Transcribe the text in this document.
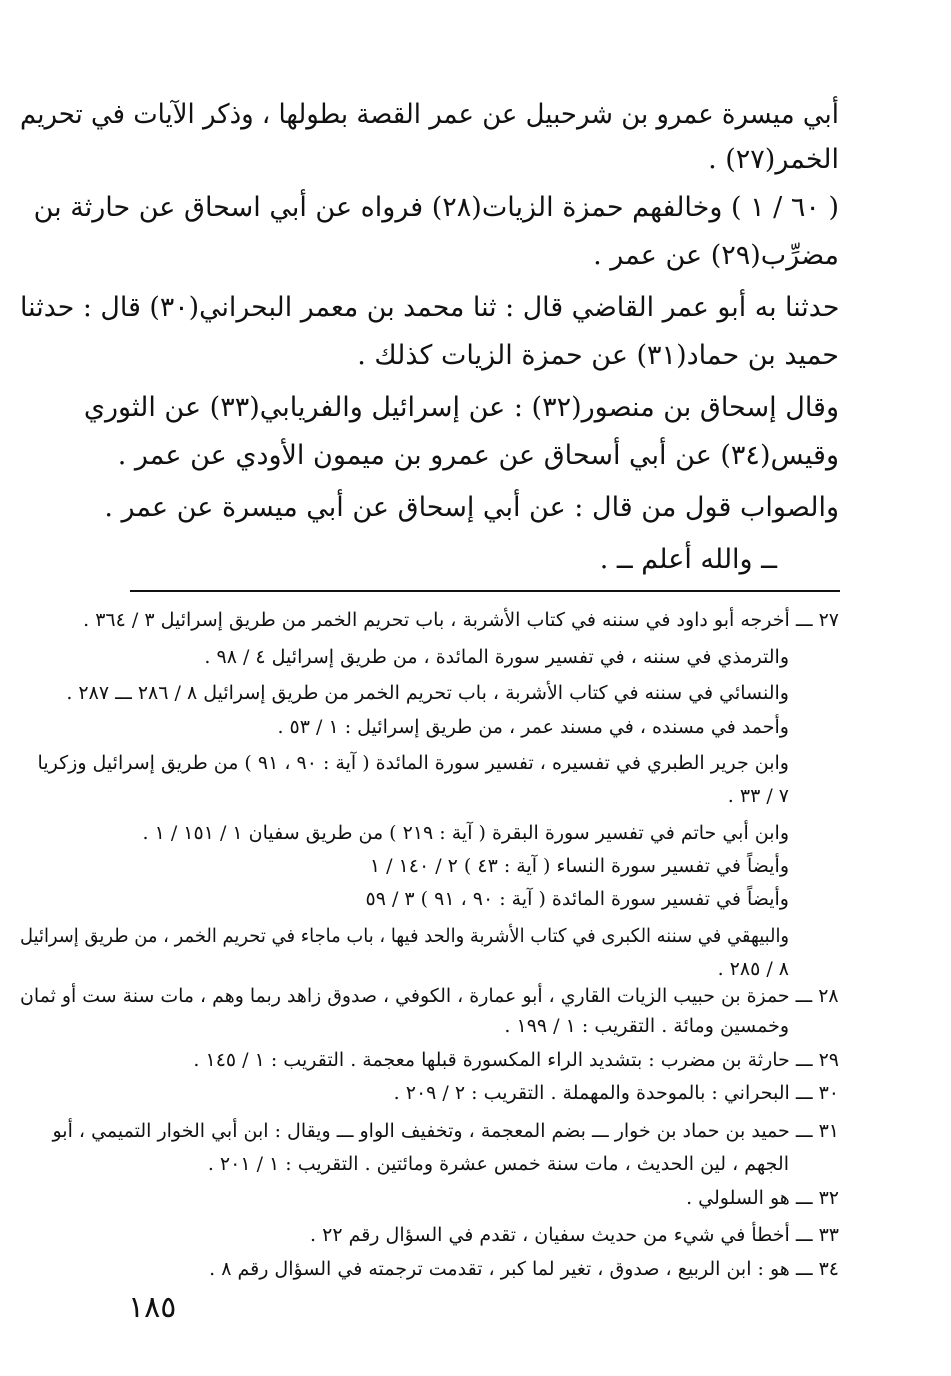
أبي ميسرة عمرو بن شرحبيل عن عمر القصة بطولها ، وذكر الآيات في تحريم
الخمر(٢٧) .
( ٦٠ / ١ ) وخالفهم حمزة الزيات(٢٨) فرواه عن أبي اسحاق عن حارثة بن
مضرِّب(٢٩) عن عمر .
حدثنا به أبو عمر القاضي قال : ثنا محمد بن معمر البحراني(٣٠) قال : حدثنا
حميد بن حماد(٣١) عن حمزة الزيات كذلك .
وقال إسحاق بن منصور(٣٢) : عن إسرائيل والفريابي(٣٣) عن الثوري
وقيس(٣٤) عن أبي أسحاق عن عمرو بن ميمون الأودي عن عمر .
والصواب قول من قال : عن أبي إسحاق عن أبي ميسرة عن عمر .
ــ والله أعلم ــ .
٢٧ ـــ أخرجه أبو داود في سننه في كتاب الأشربة ، باب تحريم الخمر من طريق إسرائيل ٣ / ٣٦٤ .
والترمذي في سننه ، في تفسير سورة المائدة ، من طريق إسرائيل ٤ / ٩٨ .
والنسائي في سننه في كتاب الأشربة ، باب تحريم الخمر من طريق إسرائيل ٨ / ٢٨٦ ـــ ٢٨٧ .
وأحمد في مسنده ، في مسند عمر ، من طريق إسرائيل : ١ / ٥٣ .
وابن جرير الطبري في تفسيره ، تفسير سورة المائدة ( آية : ٩٠ ، ٩١ ) من طريق إسرائيل وزكريا
٧ / ٣٣ .
وابن أبي حاتم في تفسير سورة البقرة ( آية : ٢١٩ ) من طريق سفيان ١ / ١٥١ / ١ .
وأيضاً في تفسير سورة النساء ( آية : ٤٣ ) ٢ / ١٤٠ / ١
وأيضاً في تفسير سورة المائدة ( آية : ٩٠ ، ٩١ ) ٣ / ٥٩
والبيهقي في سننه الكبرى في كتاب الأشربة والحد فيها ، باب ماجاء في تحريم الخمر ، من طريق إسرائيل
٨ / ٢٨٥ .
٢٨ ـــ حمزة بن حبيب الزيات القاري ، أبو عمارة ، الكوفي ، صدوق زاهد ربما وهم ، مات سنة ست أو ثمان
وخمسين ومائة . التقريب : ١ / ١٩٩ .
٢٩ ـــ حارثة بن مضرب : بتشديد الراء المكسورة قبلها معجمة . التقريب : ١ / ١٤٥ .
٣٠ ـــ البحراني : بالموحدة والمهملة . التقريب : ٢ / ٢٠٩ .
٣١ ـــ حميد بن حماد بن خوار ـــ بضم المعجمة ، وتخفيف الواو ـــ ويقال : ابن أبي الخوار التميمي ، أبو
الجهم ، لين الحديث ، مات سنة خمس عشرة ومائتين . التقريب : ١ / ٢٠١ .
٣٢ ـــ هو السلولي .
٣٣ ـــ أخطأ في شيء من حديث سفيان ، تقدم في السؤال رقم ٢٢ .
٣٤ ـــ هو : ابن الربيع ، صدوق ، تغير لما كبر ، تقدمت ترجمته في السؤال رقم ٨ .
١٨٥
